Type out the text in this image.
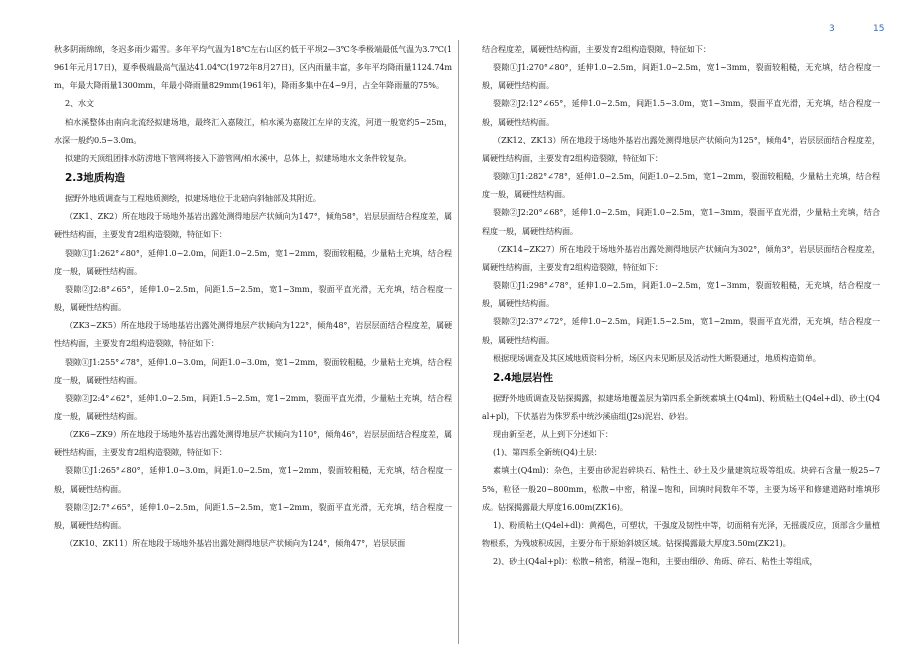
3	15

秋多阴雨绵绵，冬迟多雨少霜雪。多年平均气温为18℃左右山区约低于平坝2—3℃冬季极端最低气温为3.7℃(1961年元月17日)，夏季极端最高气温达41.04℃(1972年8月27日)，区内雨量丰富，多年平均降雨量1124.74mm，年最大降雨量1300mm，年最小降雨量829mm(1961年)，降雨多集中在4~9月，占全年降雨量的75%。

2、水文

柏水溪整体由南向北流经拟建场地，最终汇入嘉陵江，柏水溪为嘉陵江左岸的支流，河道一般宽约5~25m，水深一般约0.5~3.0m。

拟建的天顶组团排水防涝地下管网将接入下游管网/柏水溪中，总体上，拟建场地水文条件较复杂。

2.3地质构造

据野外地质调查与工程地质测绘，拟建场地位于北碚向斜轴部及其附近。

（ZK1、ZK2）所在地段于场地外基岩出露处测得地层产状倾向为147°，倾角58°，岩层层面结合程度差，属硬性结构面，主要发育2组构造裂隙，特征如下：

裂隙①J1:262°∠80°，延伸1.0~2.0m，间距1.0~2.5m，宽1~2mm，裂面较粗糙，少量粘土充填，结合程度一般，属硬性结构面。

裂隙②J2:8°∠65°，延伸1.0~2.5m，间距1.5~2.5m，宽1~3mm，裂面平直光滑，无充填，结合程度一般，属硬性结构面。

（ZK3~ZK5）所在地段于场地基岩出露处测得地层产状倾向为122°，倾角48°，岩层层面结合程度差，属硬性结构面，主要发育2组构造裂隙，特征如下：

裂隙①J1:255°∠78°，延伸1.0~3.0m，间距1.0~3.0m，宽1~2mm，裂面较粗糙，少量粘土充填，结合程度一般，属硬性结构面。

裂隙②J2:4°∠62°，延伸1.0~2.5m，间距1.5~2.5m，宽1~2mm，裂面平直光滑，少量粘土充填，结合程度一般，属硬性结构面。

（ZK6~ZK9）所在地段于场地外基岩出露处测得地层产状倾向为110°，倾角46°，岩层层面结合程度差，属硬性结构面，主要发育2组构造裂隙，特征如下：

裂隙①J1:265°∠80°，延伸1.0~3.0m，间距1.0~2.5m，宽1~2mm，裂面较粗糙，无充填，结合程度一般，属硬性结构面。

裂隙②J2:7°∠65°，延伸1.0~2.5m，间距1.5~2.5m，宽1~2mm，裂面平直光滑，无充填，结合程度一般，属硬性结构面。

（ZK10、ZK11）所在地段于场地外基岩出露处测得地层产状倾向为124°，倾角47°，岩层层面

结合程度差，属硬性结构面，主要发育2组构造裂隙，特征如下：

裂隙①J1:270°∠80°，延伸1.0~2.5m，间距1.0~2.5m，宽1~3mm，裂面较粗糙，无充填，结合程度一般，属硬性结构面。

裂隙②J2:12°∠65°，延伸1.0~2.5m，间距1.5~3.0m，宽1~3mm，裂面平直光滑，无充填，结合程度一般，属硬性结构面。

（ZK12、ZK13）所在地段于场地外基岩出露处测得地层产状倾向为125°，倾角4°，岩层层面结合程度差，属硬性结构面，主要发育2组构造裂隙，特征如下：

裂隙①J1:282°∠78°，延伸1.0~2.5m，间距1.0~2.5m，宽1~2mm，裂面较粗糙，少量粘土充填，结合程度一般，属硬性结构面。

裂隙②J2:20°∠68°，延伸1.0~2.5m，间距1.0~2.5m，宽1~3mm，裂面平直光滑，少量粘土充填，结合程度一般，属硬性结构面。

（ZK14~ZK27）所在地段于场地外基岩出露处测得地层产状倾向为302°，倾角3°，岩层层面结合程度差，属硬性结构面，主要发育2组构造裂隙，特征如下：

裂隙①J1:298°∠78°，延伸1.0~2.5m，间距1.0~2.5m，宽1~3mm，裂面较粗糙，无充填，结合程度一般，属硬性结构面。

裂隙②J2:37°∠72°，延伸1.0~2.5m，间距1.5~2.5m，宽1~2mm，裂面平直光滑，无充填，结合程度一般，属硬性结构面。

根据现场调查及其区域地质资料分析，场区内未见断层及活动性大断裂通过，地质构造简单。

2.4地层岩性

据野外地质调查及钻探揭露，拟建场地覆盖层为第四系全新统素填土(Q4ml)、粉质粘土(Q4el+dl)、砂土(Q4al+pl)，下伏基岩为侏罗系中统沙溪庙组(J2s)泥岩、砂岩。

现由新至老，从上到下分述如下：

(1)、第四系全新统(Q4)土层：

素填土(Q4ml)：杂色，主要由砂泥岩碎块石、粘性土、砂土及少量建筑垃圾等组成。块碎石含量一般25~75%，粒径一般20~800mm，松散~中密，稍湿~饱和，回填时间数年不等，主要为场平和修建道路时堆填形成。钻探揭露最大厚度16.00m(ZK16)。

1)、粉质粘土(Q4el+dl)：黄褐色，可塑状，干强度及韧性中等，切面稍有光泽，无摇震反应，顶部含少量植物根系，为残坡积成因，主要分布于原始斜坡区域。钻探揭露最大厚度3.50m(ZK21)。

2)、砂土(Q4al+pl)：松散~稍密，稍湿~饱和，主要由细砂、角砾、碎石、粘性土等组成，
